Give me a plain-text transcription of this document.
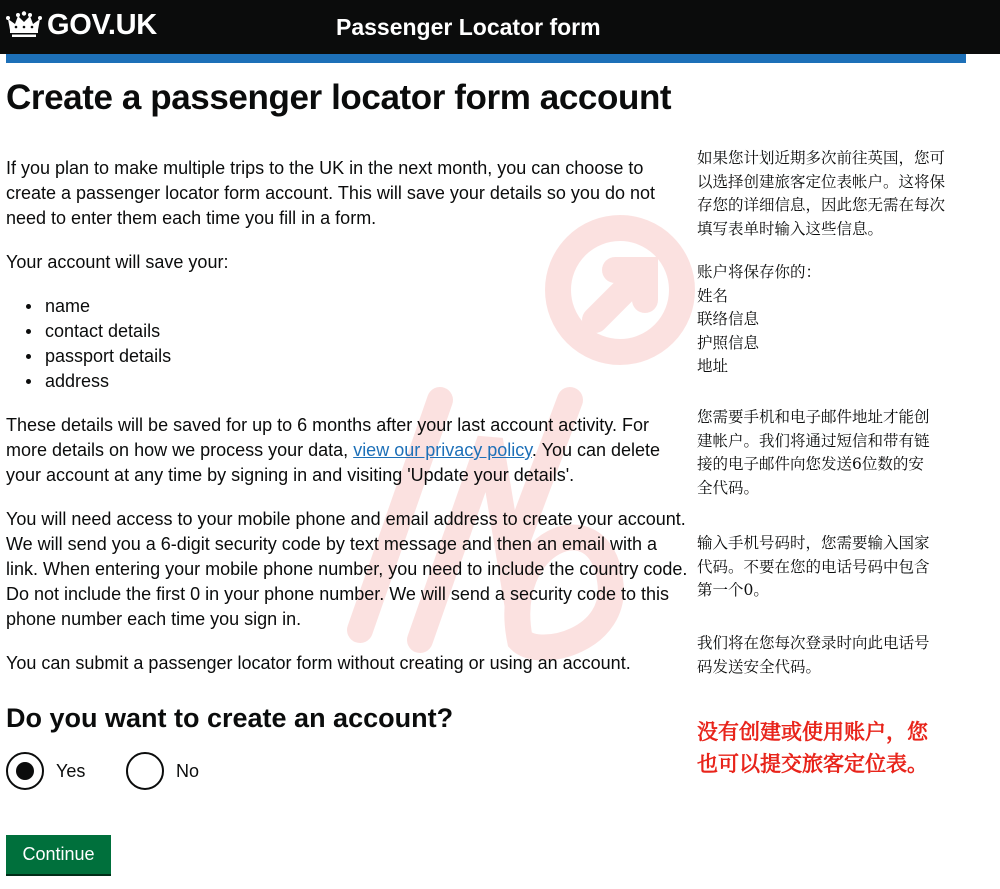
GOV.UK	Passenger Locator form
Create a passenger locator form account

If you plan to make multiple trips to the UK in the next month, you can choose to create a passenger locator form account. This will save your details so you do not need to enter them each time you fill in a form.

Your account will save your:

name
contact details
passport details
address

These details will be saved for up to 6 months after your last account activity. For more details on how we process your data, view our privacy policy. You can delete your account at any time by signing in and visiting 'Update your details'.

You will need access to your mobile phone and email address to create your account. We will send you a 6-digit security code by text message and then an email with a link. When entering your mobile phone number, you need to include the country code. Do not include the first 0 in your phone number. We will send a security code to this phone number each time you sign in.

You can submit a passenger locator form without creating or using an account.

Do you want to create an account?
Yes	No
Continue
如果您计划近期多次前往英国，您可
以选择创建旅客定位表帐户。这将保
存您的详细信息，因此您无需在每次
填写表单时输入这些信息。
账户将保存你的：
姓名
联络信息
护照信息
地址
您需要手机和电子邮件地址才能创
建帐户。我们将通过短信和带有链
接的电子邮件向您发送6位数的安
全代码。
输入手机号码时，您需要输入国家
代码。不要在您的电话号码中包含
第一个0。
我们将在您每次登录时向此电话号
码发送安全代码。
没有创建或使用账户，您
也可以提交旅客定位表。
